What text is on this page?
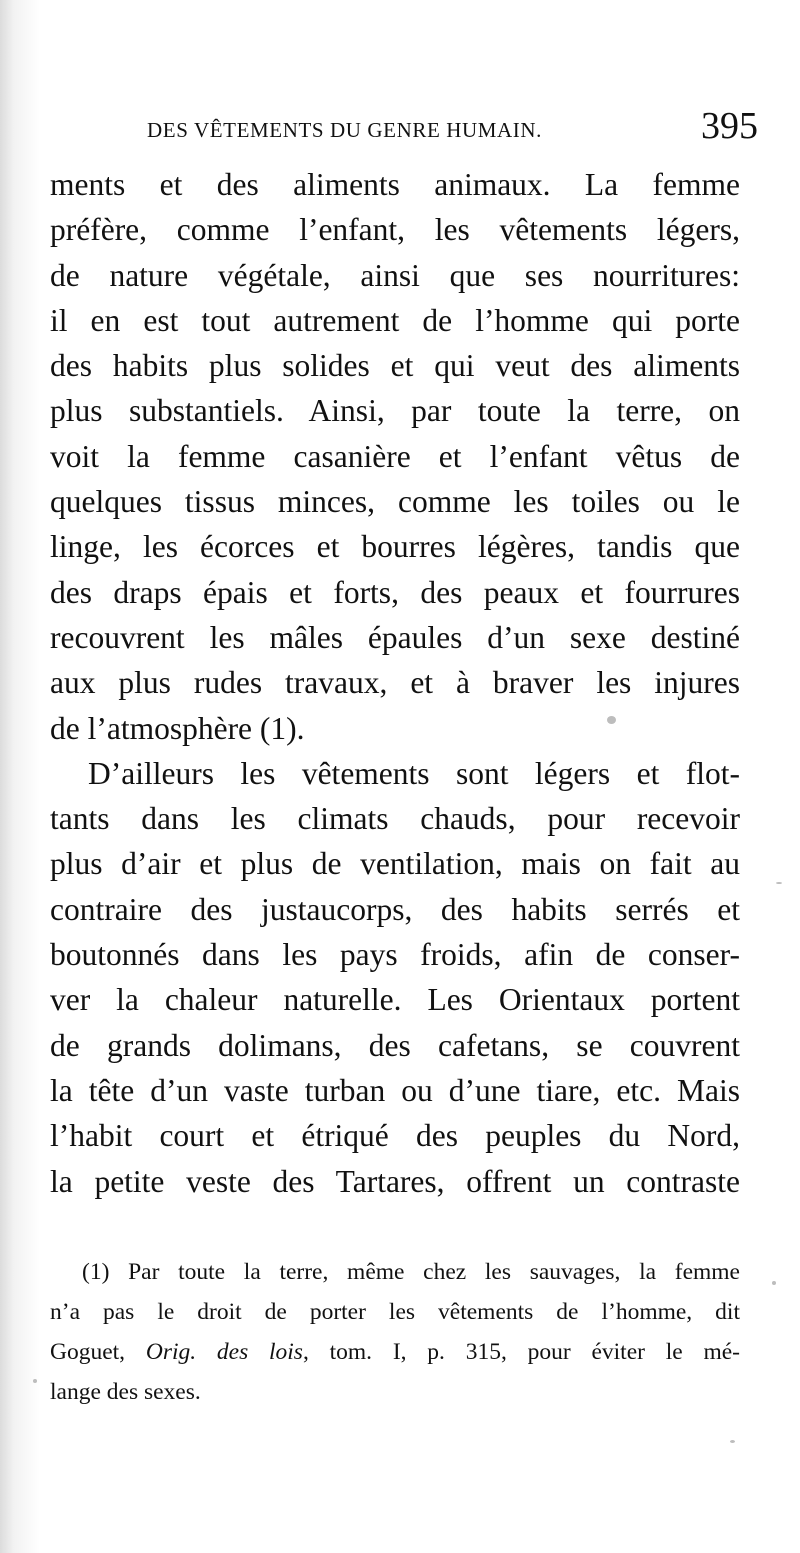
DES VÊTEMENTS DU GENRE HUMAIN.	395
ments et des aliments animaux. La femme
préfère, comme l’enfant, les vêtements légers,
de nature végétale, ainsi que ses nourritures:
il en est tout autrement de l’homme qui porte
des habits plus solides et qui veut des aliments
plus substantiels. Ainsi, par toute la terre, on
voit la femme casanière et l’enfant vêtus de
quelques tissus minces, comme les toiles ou le
linge, les écorces et bourres légères, tandis que
des draps épais et forts, des peaux et fourrures
recouvrent les mâles épaules d’un sexe destiné
aux plus rudes travaux, et à braver les injures
de l’atmosphère (1).
D’ailleurs les vêtements sont légers et flot-
tants dans les climats chauds, pour recevoir
plus d’air et plus de ventilation, mais on fait au
contraire des justaucorps, des habits serrés et
boutonnés dans les pays froids, afin de conser-
ver la chaleur naturelle. Les Orientaux portent
de grands dolimans, des cafetans, se couvrent
la tête d’un vaste turban ou d’une tiare, etc. Mais
l’habit court et étriqué des peuples du Nord,
la petite veste des Tartares, offrent un contraste
(1) Par toute la terre, même chez les sauvages, la femme
n’a pas le droit de porter les vêtements de l’homme, dit
Goguet, Orig. des lois, tom. I, p. 315, pour éviter le mé-
lange des sexes.
